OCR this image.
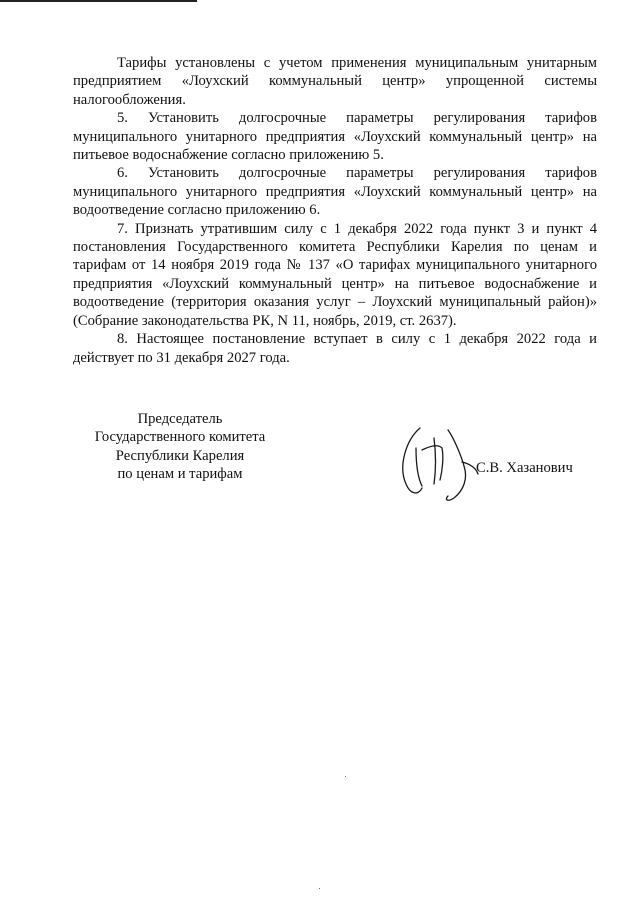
Тарифы установлены с учетом применения муниципальным унитарным предприятием «Лоухский коммунальный центр» упрощенной системы налогообложения.

5. Установить долгосрочные параметры регулирования тарифов муниципального унитарного предприятия «Лоухский коммунальный центр» на питьевое водоснабжение согласно приложению 5.

6. Установить долгосрочные параметры регулирования тарифов муниципального унитарного предприятия «Лоухский коммунальный центр» на водоотведение согласно приложению 6.

7. Признать утратившим силу с 1 декабря 2022 года пункт 3 и пункт 4 постановления Государственного комитета Республики Карелия по ценам и тарифам от 14 ноября 2019 года № 137 «О тарифах муниципального унитарного предприятия «Лоухский коммунальный центр» на питьевое водоснабжение и водоотведение (территория оказания услуг – Лоухский муниципальный район)» (Собрание законодательства РК, N 11, ноябрь, 2019, ст. 2637).

8. Настоящее постановление вступает в силу с 1 декабря 2022 года и действует по 31 декабря 2027 года.

Председатель
Государственного комитета
Республики Карелия
по ценам и тарифам	С.В. Хазанович
